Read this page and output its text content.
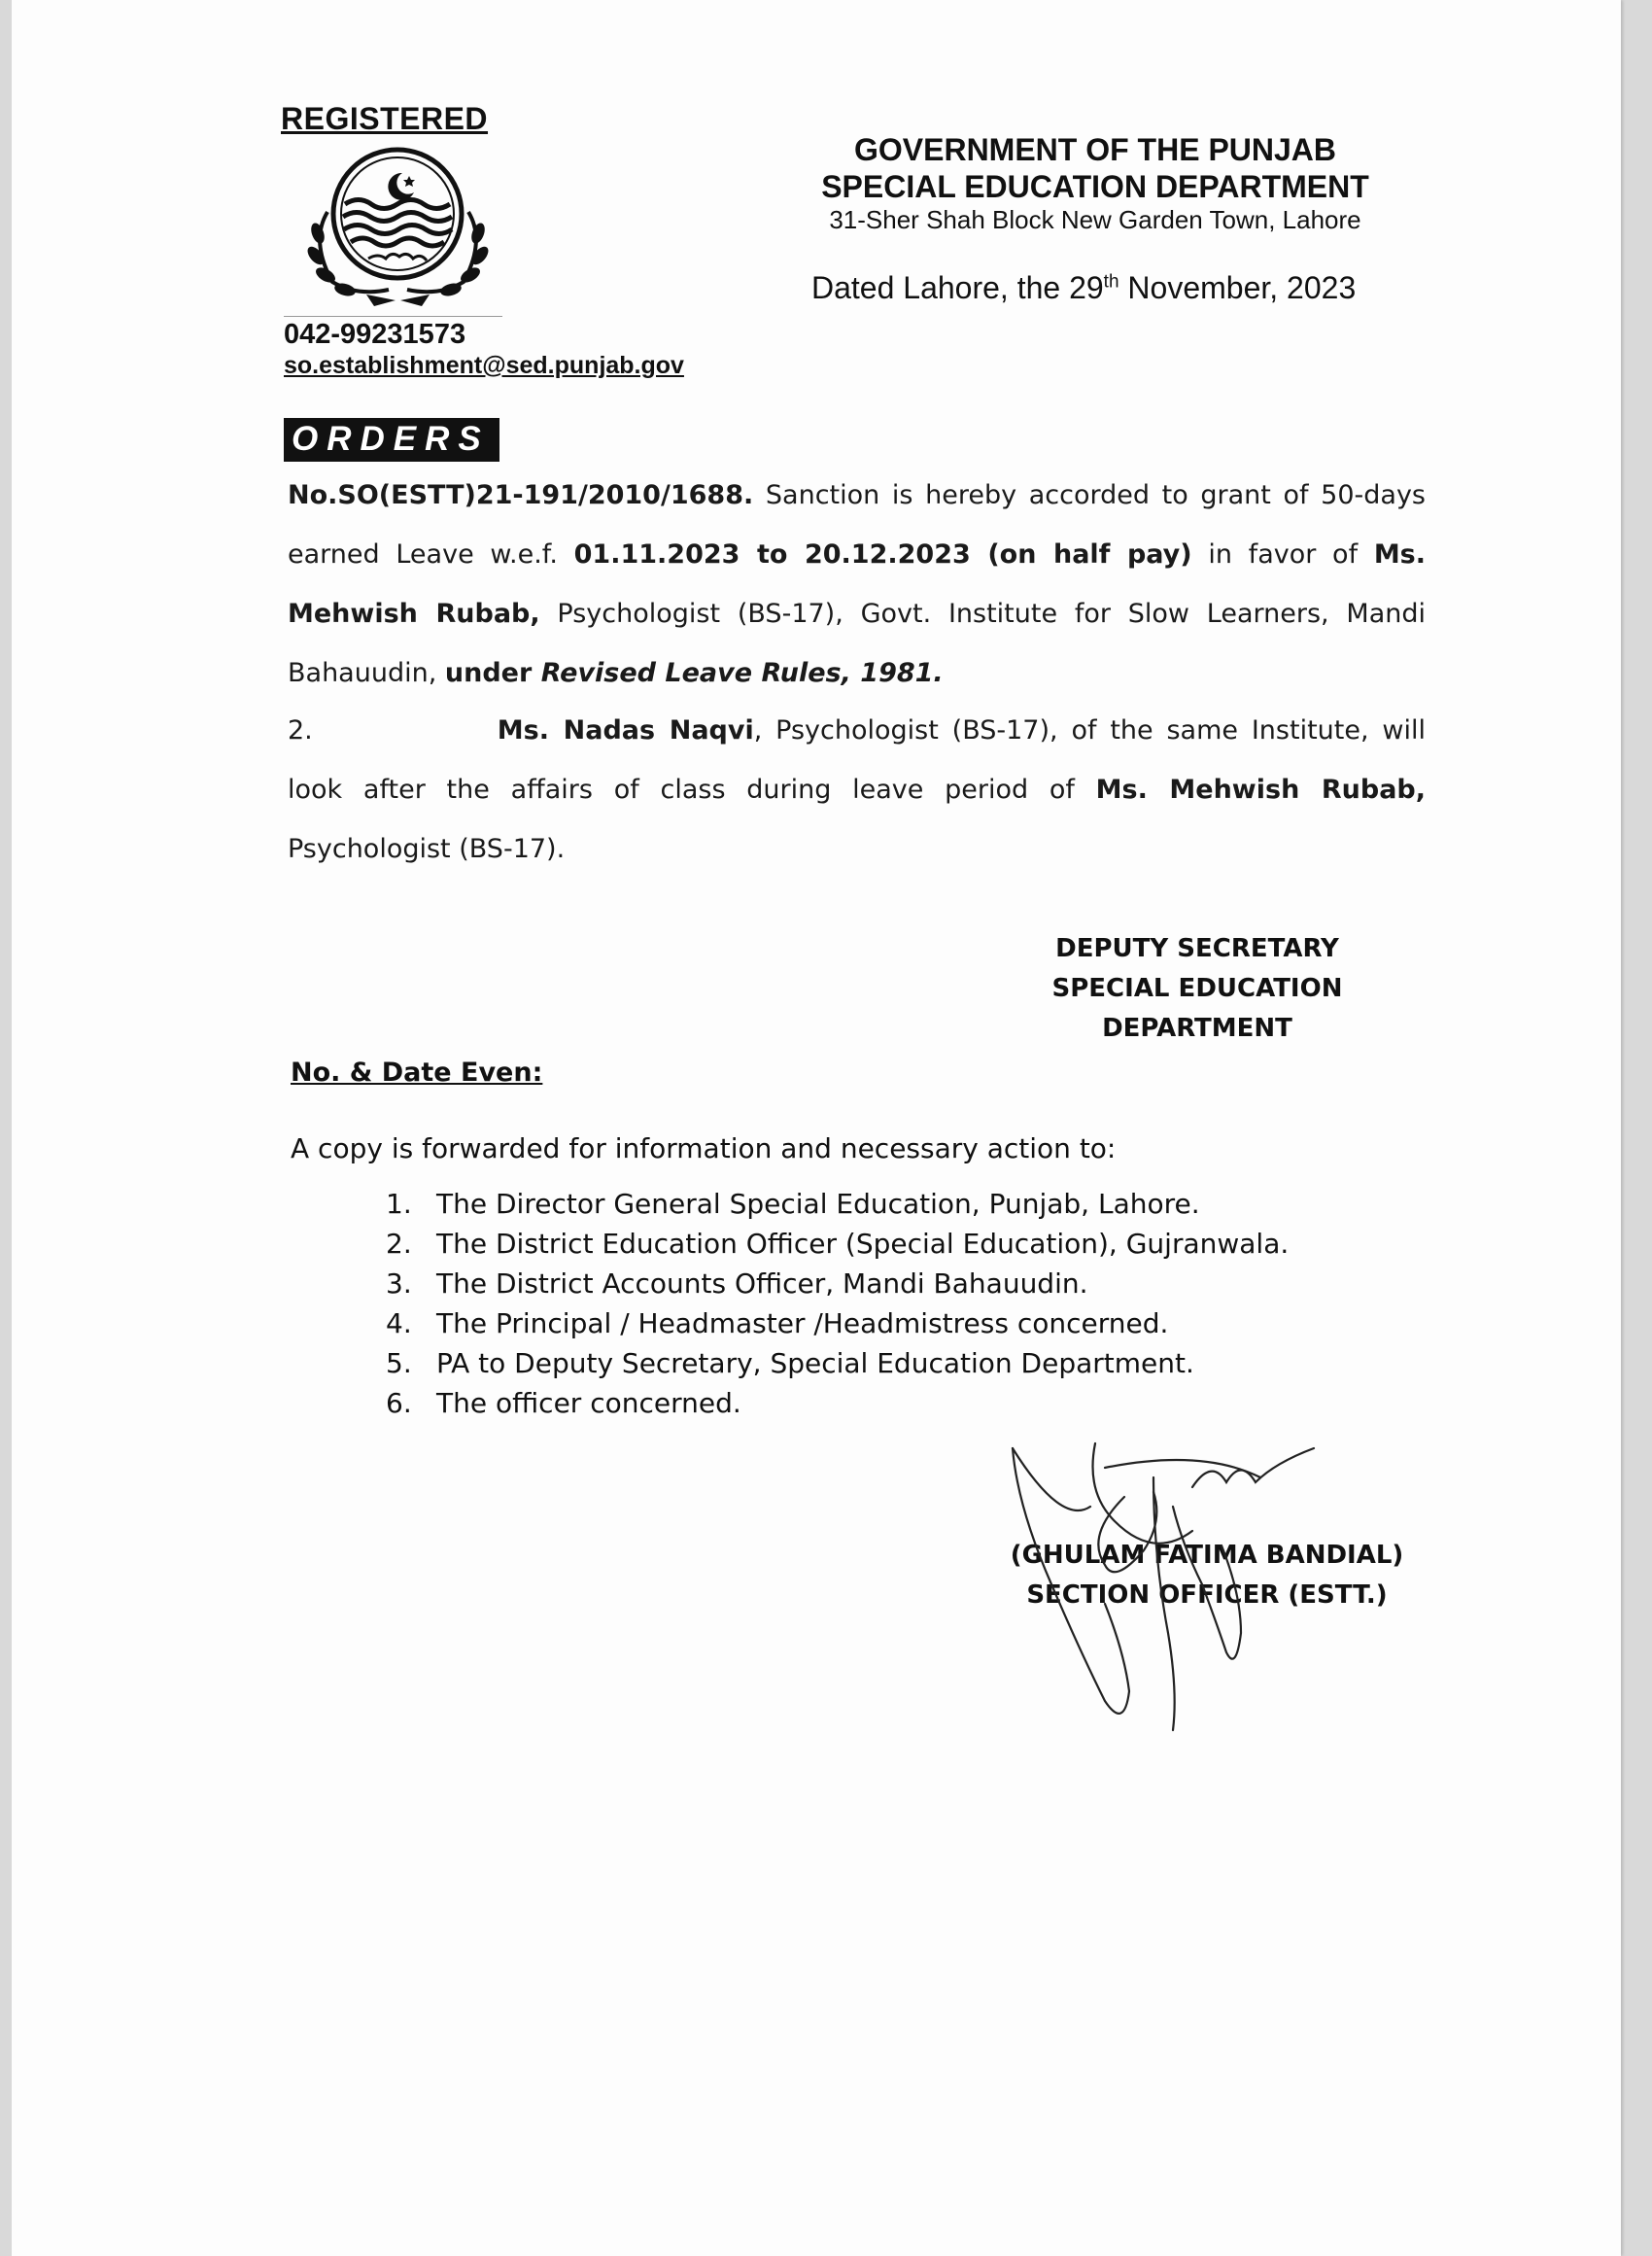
REGISTERED
042-99231573
so.establishment@sed.punjab.gov
GOVERNMENT OF THE PUNJAB
SPECIAL EDUCATION DEPARTMENT
31-Sher Shah Block New Garden Town, Lahore
Dated Lahore, the 29th November, 2023
ORDERS
No.SO(ESTT)21-191/2010/1688. Sanction is hereby accorded to grant of 50-days earned Leave w.e.f. 01.11.2023 to 20.12.2023 (on half pay) in favor of Ms. Mehwish Rubab, Psychologist (BS-17), Govt. Institute for Slow Learners, Mandi Bahauudin, under Revised Leave Rules, 1981.
2.	Ms. Nadas Naqvi, Psychologist (BS-17), of the same Institute, will look after the affairs of class during leave period of Ms. Mehwish Rubab, Psychologist (BS-17).
DEPUTY SECRETARY
SPECIAL EDUCATION
DEPARTMENT
No. & Date Even:
A copy is forwarded for information and necessary action to:
1. The Director General Special Education, Punjab, Lahore.
2. The District Education Officer (Special Education), Gujranwala.
3. The District Accounts Officer, Mandi Bahauudin.
4. The Principal / Headmaster /Headmistress concerned.
5. PA to Deputy Secretary, Special Education Department.
6. The officer concerned.
(GHULAM FATIMA BANDIAL)
SECTION OFFICER (ESTT.)
